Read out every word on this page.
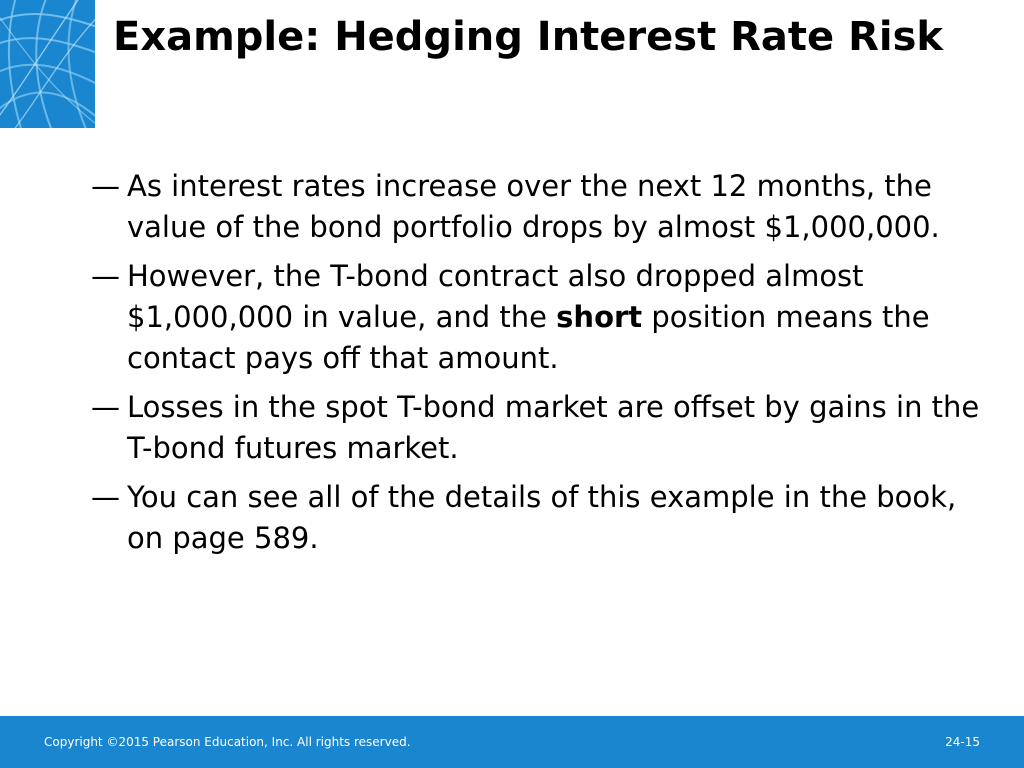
Example: Hedging Interest Rate Risk
— As interest rates increase over the next 12 months, the value of the bond portfolio drops by almost $1,000,000.
— However, the T-bond contract also dropped almost $1,000,000 in value, and the short position means the contact pays off that amount.
— Losses in the spot T-bond market are offset by gains in the T-bond futures market.
— You can see all of the details of this example in the book, on page 589.
Copyright ©2015 Pearson Education, Inc. All rights reserved.	24-15
